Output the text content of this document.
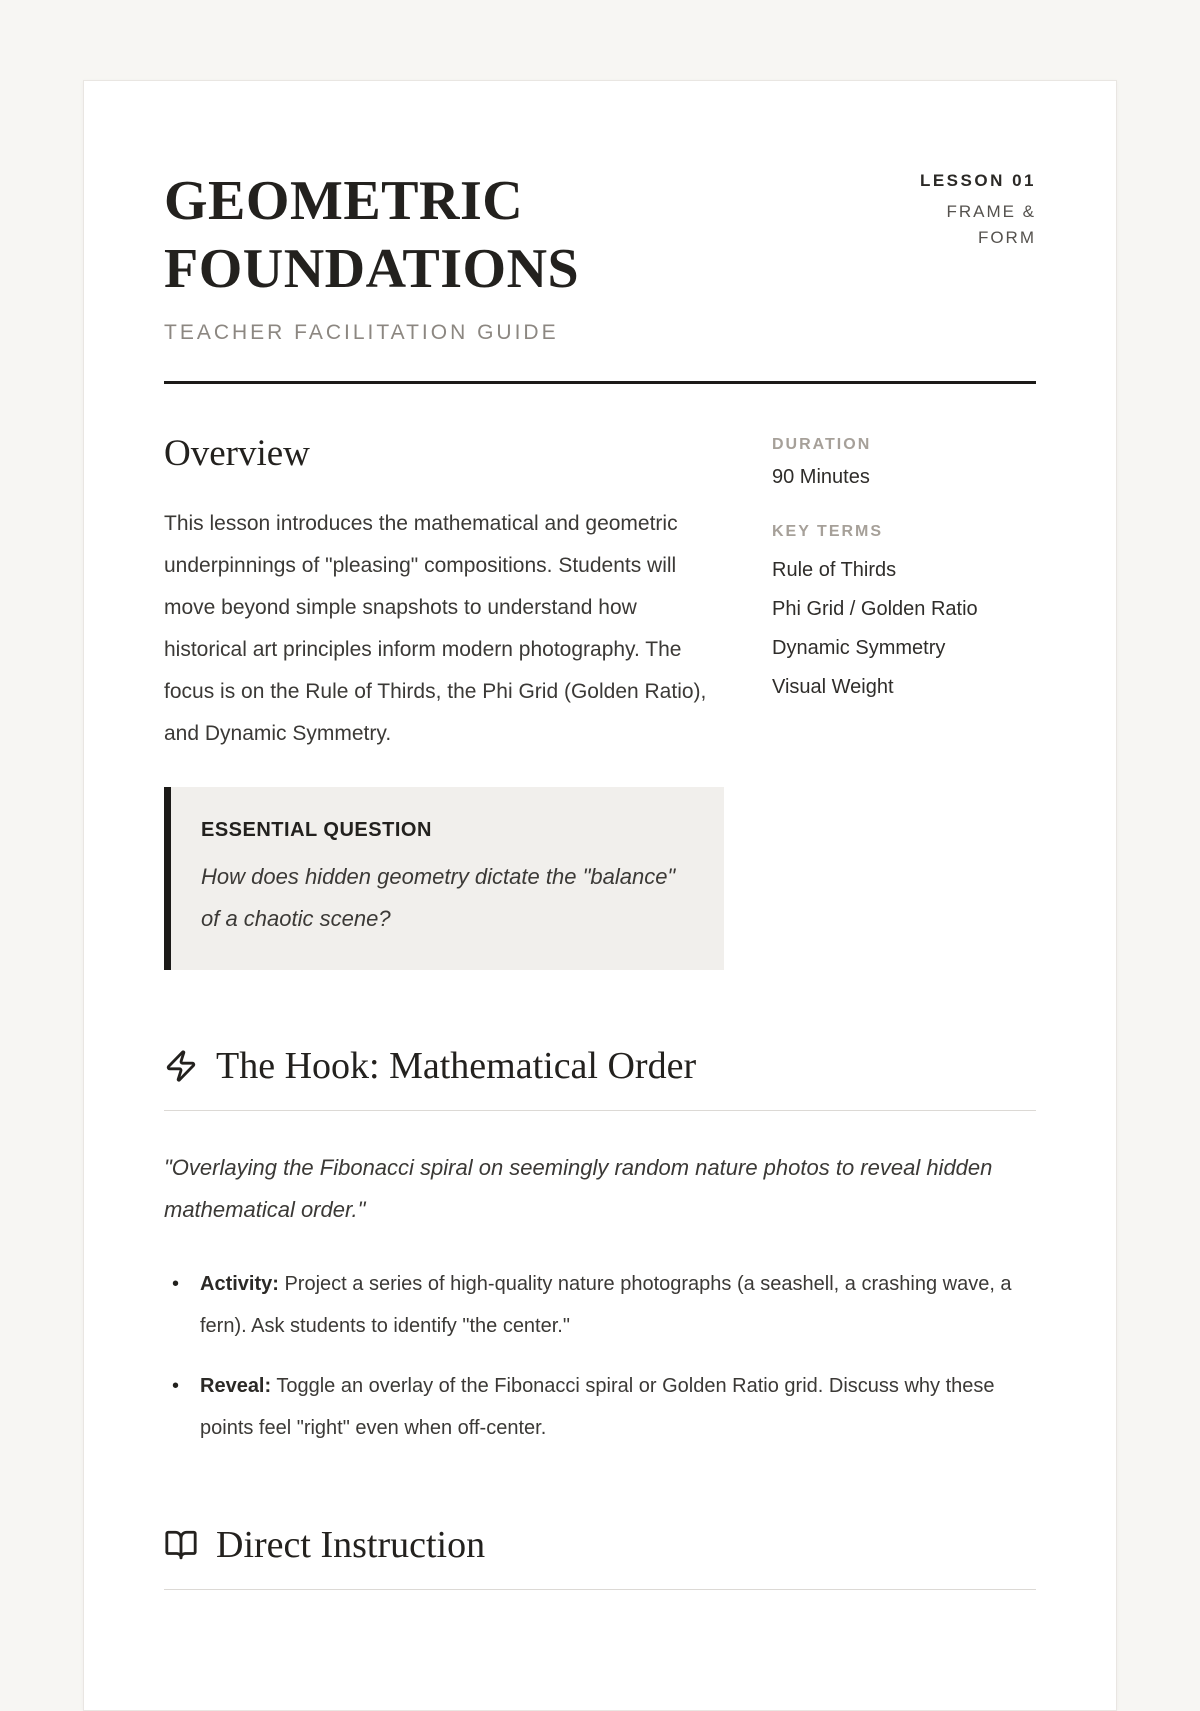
GEOMETRIC
FOUNDATIONS
TEACHER FACILITATION GUIDE
LESSON 01
FRAME & FORM
Overview

This lesson introduces the mathematical and geometric underpinnings of "pleasing" compositions. Students will move beyond simple snapshots to understand how historical art principles inform modern photography. The focus is on the Rule of Thirds, the Phi Grid (Golden Ratio), and Dynamic Symmetry.

ESSENTIAL QUESTION
How does hidden geometry dictate the "balance" of a chaotic scene?
DURATION
90 Minutes
KEY TERMS
Rule of Thirds
Phi Grid / Golden Ratio
Dynamic Symmetry
Visual Weight
The Hook: Mathematical Order

"Overlaying the Fibonacci spiral on seemingly random nature photos to reveal hidden mathematical order."

• Activity: Project a series of high-quality nature photographs (a seashell, a crashing wave, a fern). Ask students to identify "the center."
• Reveal: Toggle an overlay of the Fibonacci spiral or Golden Ratio grid. Discuss why these points feel "right" even when off-center.
Direct Instruction
